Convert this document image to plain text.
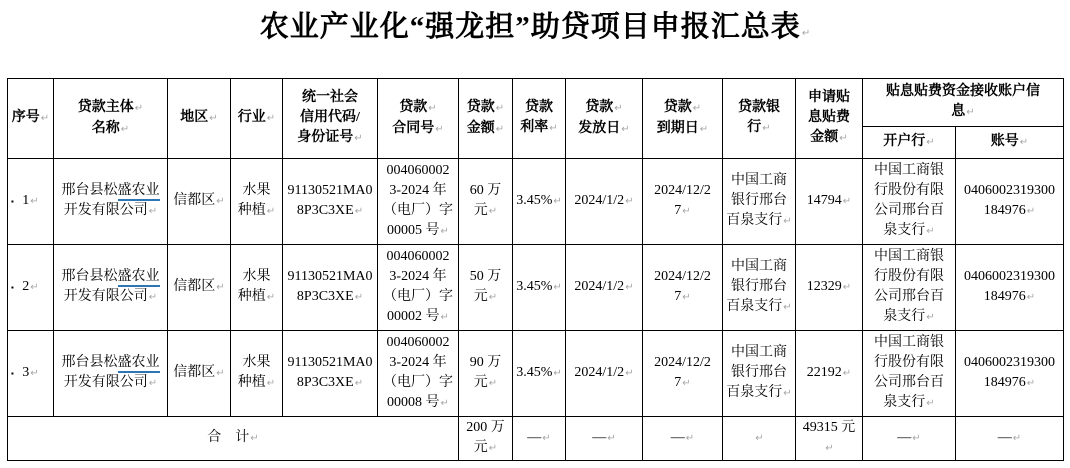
农业产业化“强龙担”助贷项目申报汇总表↵
序号↵	贷款主体↵
名称↵	地区↵	行业↵	统一社会
信用代码/
身份证号↵	贷款↵
合同号↵	贷款↵
金额↵	贷款
利率↵	贷款↵
发放日↵	贷款↵
到期日↵	贷款银
行↵	申请贴
息贴费
金额↵	贴息贴费资金接收账户信
息↵	
												开户行↵	账号↵

▪ 1↵	邢台县松盛农业开发有限公司↵	信都区↵	水果
种植↵	91130521MA0
8P3C3XE↵	004060002
3-2024 年
（电厂）字
00005 号↵	60 万
元↵	3.45%↵	2024/1/2↵	2024/12/2
7↵	中国工商
银行邢台
百泉支行↵	14794↵	中国工商银
行股份有限
公司邢台百
泉支行↵	0406002319300
184976↵

▪ 2↵	邢台县松盛农业开发有限公司↵	信都区↵	水果
种植↵	91130521MA0
8P3C3XE↵	004060002
3-2024 年
（电厂）字
00002 号↵	50 万
元↵	3.45%↵	2024/1/2↵	2024/12/2
7↵	中国工商
银行邢台
百泉支行↵	12329↵	中国工商银
行股份有限
公司邢台百
泉支行↵	0406002319300
184976↵

▪ 3↵	邢台县松盛农业开发有限公司↵	信都区↵	水果
种植↵	91130521MA0
8P3C3XE↵	004060002
3-2024 年
（电厂）字
00008 号↵	90 万
元↵	3.45%↵	2024/1/2↵	2024/12/2
7↵	中国工商
银行邢台
百泉支行↵	22192↵	中国工商银
行股份有限
公司邢台百
泉支行↵	0406002319300
184976↵
合　计↵						200 万
元↵	—↵	—↵	—↵	↵	49315 元↵	—↵	—↵
